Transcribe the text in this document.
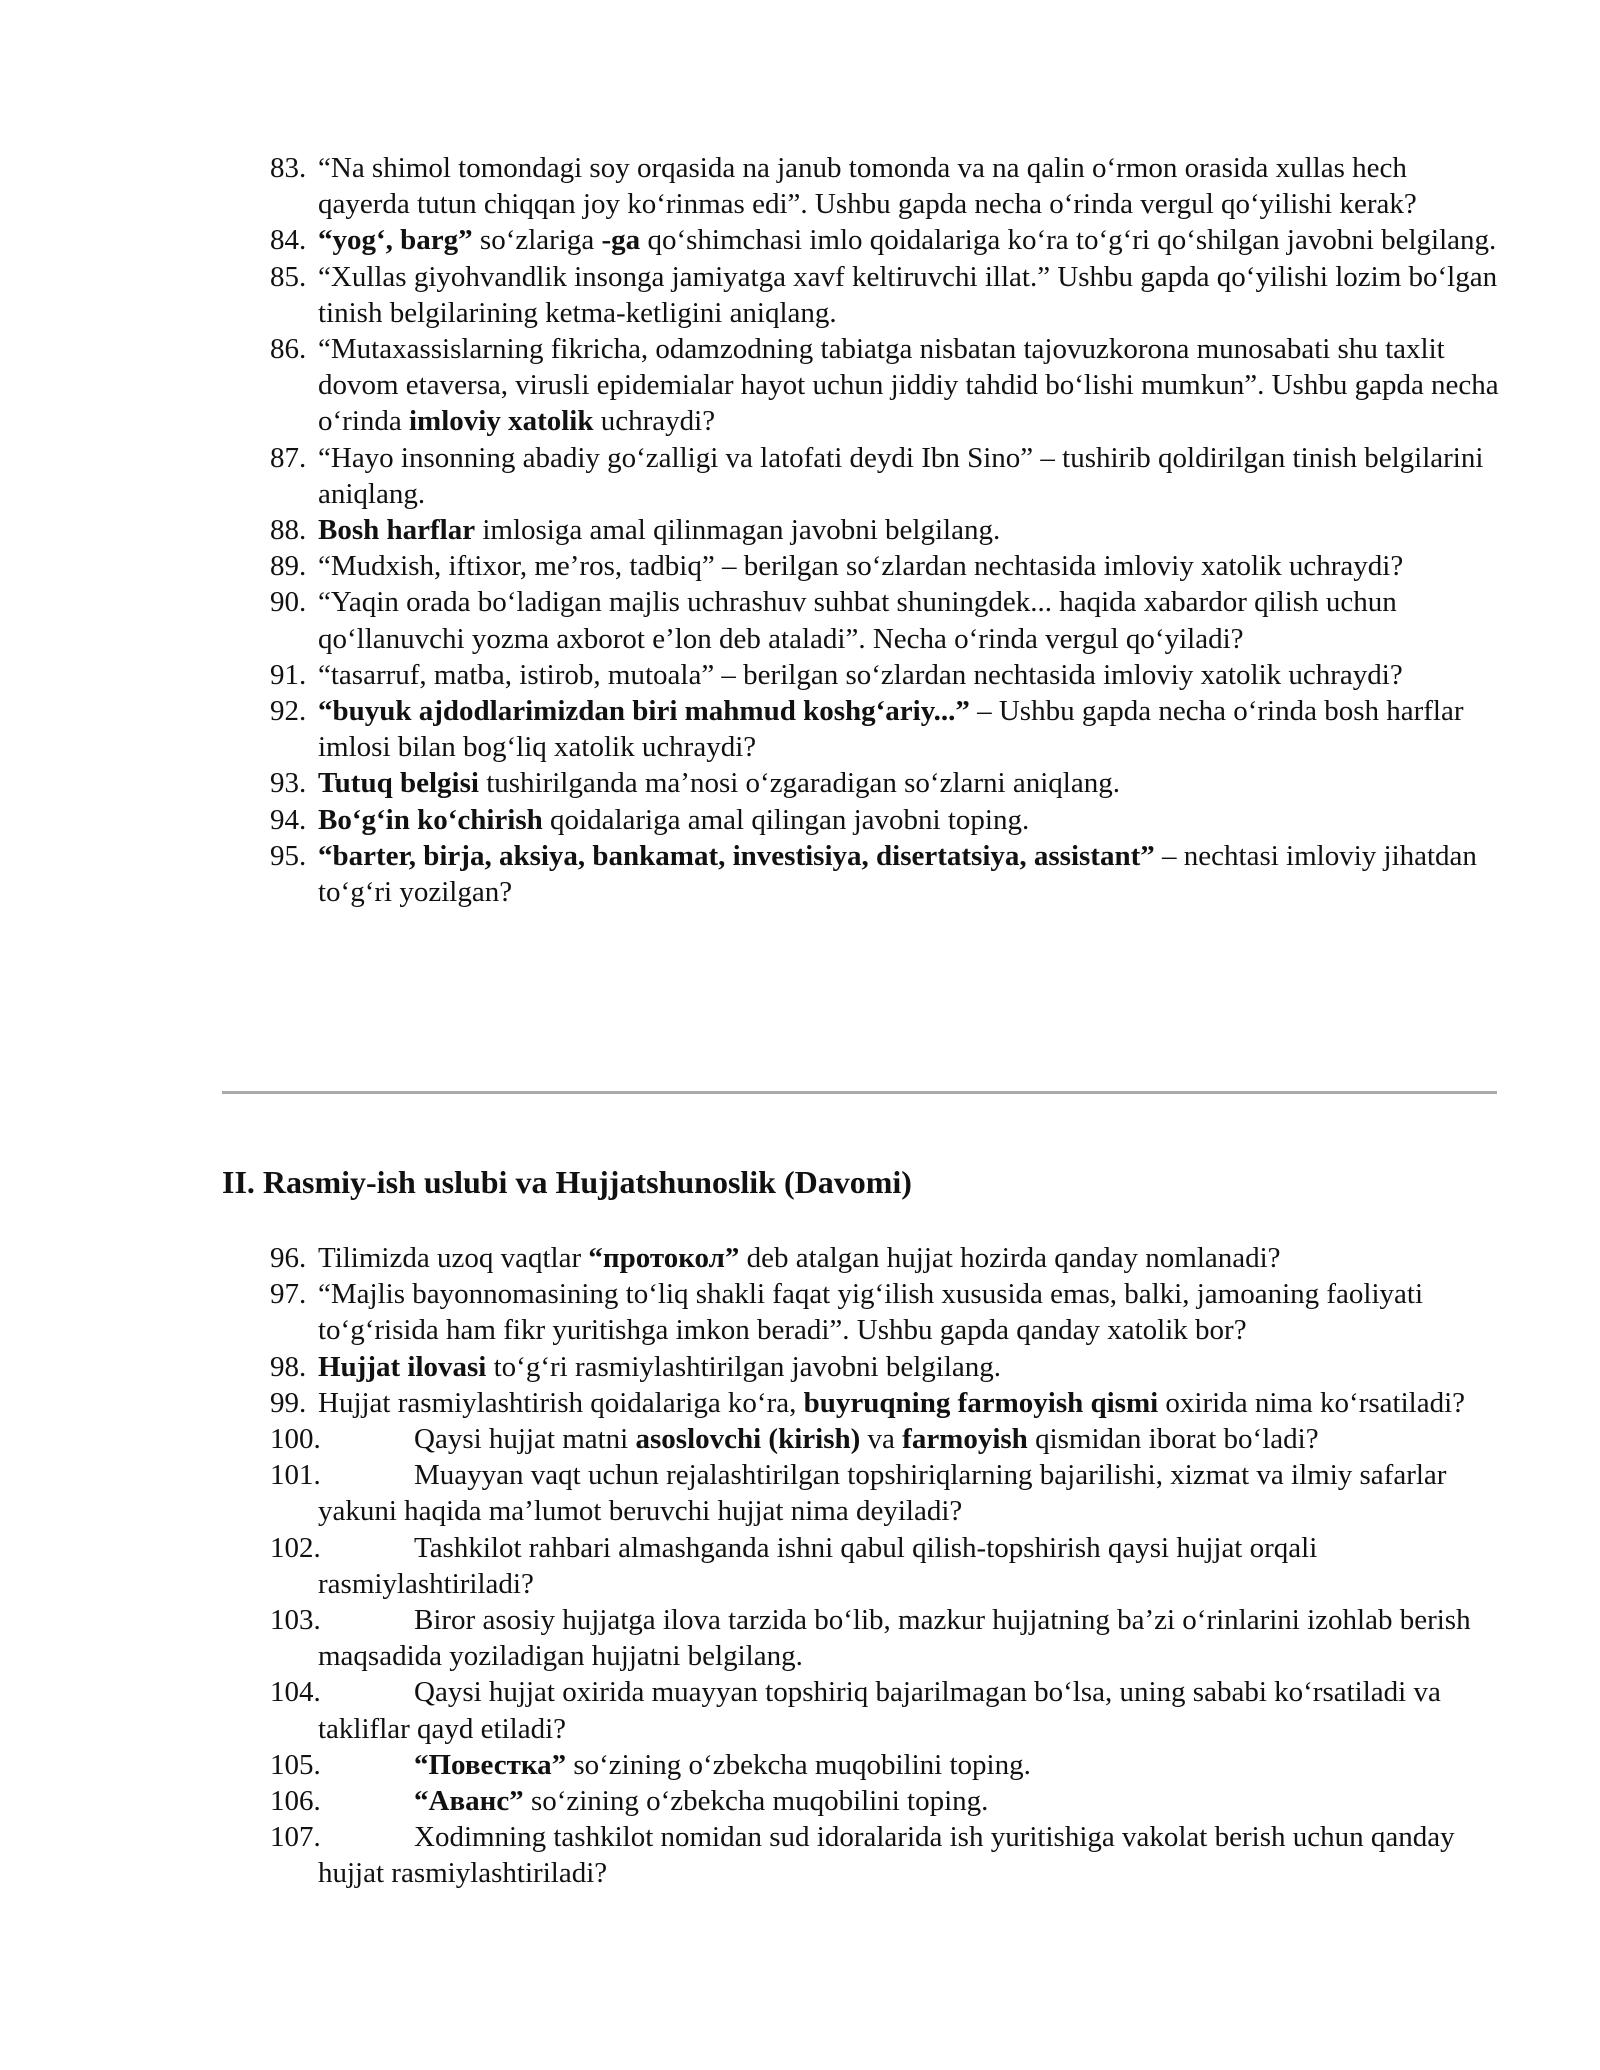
83. “Na shimol tomondagi soy orqasida na janub tomonda va na qalin o‘rmon orasida xullas hech qayerda tutun chiqqan joy ko‘rinmas edi”. Ushbu gapda necha o‘rinda vergul qo‘yilishi kerak?
84. “yog‘, barg” so‘zlariga -ga qo‘shimchasi imlo qoidalariga ko‘ra to‘g‘ri qo‘shilgan javobni belgilang.
85. “Xullas giyohvandlik insonga jamiyatga xavf keltiruvchi illat.” Ushbu gapda qo‘yilishi lozim bo‘lgan tinish belgilarining ketma-ketligini aniqlang.
86. “Mutaxassislarning fikricha, odamzodning tabiatga nisbatan tajovuzkorona munosabati shu taxlit dovom etaversa, virusli epidemialar hayot uchun jiddiy tahdid bo‘lishi mumkun”. Ushbu gapda necha o‘rinda imloviy xatolik uchraydi?
87. “Hayo insonning abadiy go‘zalligi va latofati deydi Ibn Sino” – tushirib qoldirilgan tinish belgilarini aniqlang.
88. Bosh harflar imlosiga amal qilinmagan javobni belgilang.
89. “Mudxish, iftixor, me’ros, tadbiq” – berilgan so‘zlardan nechtasida imloviy xatolik uchraydi?
90. “Yaqin orada bo‘ladigan majlis uchrashuv suhbat shuningdek... haqida xabardor qilish uchun qo‘llanuvchi yozma axborot e’lon deb ataladi”. Necha o‘rinda vergul qo‘yiladi?
91. “tasarruf, matba, istirob, mutoala” – berilgan so‘zlardan nechtasida imloviy xatolik uchraydi?
92. “buyuk ajdodlarimizdan biri mahmud koshg‘ariy...” – Ushbu gapda necha o‘rinda bosh harflar imlosi bilan bog‘liq xatolik uchraydi?
93. Tutuq belgisi tushirilganda ma’nosi o‘zgaradigan so‘zlarni aniqlang.
94. Bo‘g‘in ko‘chirish qoidalariga amal qilingan javobni toping.
95. “barter, birja, aksiya, bankamat, investisiya, disertatsiya, assistant” – nechtasi imloviy jihatdan to‘g‘ri yozilgan?
II. Rasmiy-ish uslubi va Hujjatshunoslik (Davomi)
96. Tilimizda uzoq vaqtlar “протокол” deb atalgan hujjat hozirda qanday nomlanadi?
97. “Majlis bayonnomasining to‘liq shakli faqat yig‘ilish xususida emas, balki, jamoaning faoliyati to‘g‘risida ham fikr yuritishga imkon beradi”. Ushbu gapda qanday xatolik bor?
98. Hujjat ilovasi to‘g‘ri rasmiylashtirilgan javobni belgilang.
99. Hujjat rasmiylashtirish qoidalariga ko‘ra, buyruqning farmoyish qismi oxirida nima ko‘rsatiladi?
100.	Qaysi hujjat matni asoslovchi (kirish) va farmoyish qismidan iborat bo‘ladi?
101.	Muayyan vaqt uchun rejalashtirilgan topshiriqlarning bajarilishi, xizmat va ilmiy safarlar yakuni haqida ma’lumot beruvchi hujjat nima deyiladi?
102.	Tashkilot rahbari almashganda ishni qabul qilish-topshirish qaysi hujjat orqali rasmiylashtiriladi?
103.	Biror asosiy hujjatga ilova tarzida bo‘lib, mazkur hujjatning ba’zi o‘rinlarini izohlab berish maqsadida yoziladigan hujjatni belgilang.
104.	Qaysi hujjat oxirida muayyan topshiriq bajarilmagan bo‘lsa, uning sababi ko‘rsatiladi va takliflar qayd etiladi?
105.	“Повестка” so‘zining o‘zbekcha muqobilini toping.
106.	“Аванс” so‘zining o‘zbekcha muqobilini toping.
107.	Xodimning tashkilot nomidan sud idoralarida ish yuritishiga vakolat berish uchun qanday hujjat rasmiylashtiriladi?
